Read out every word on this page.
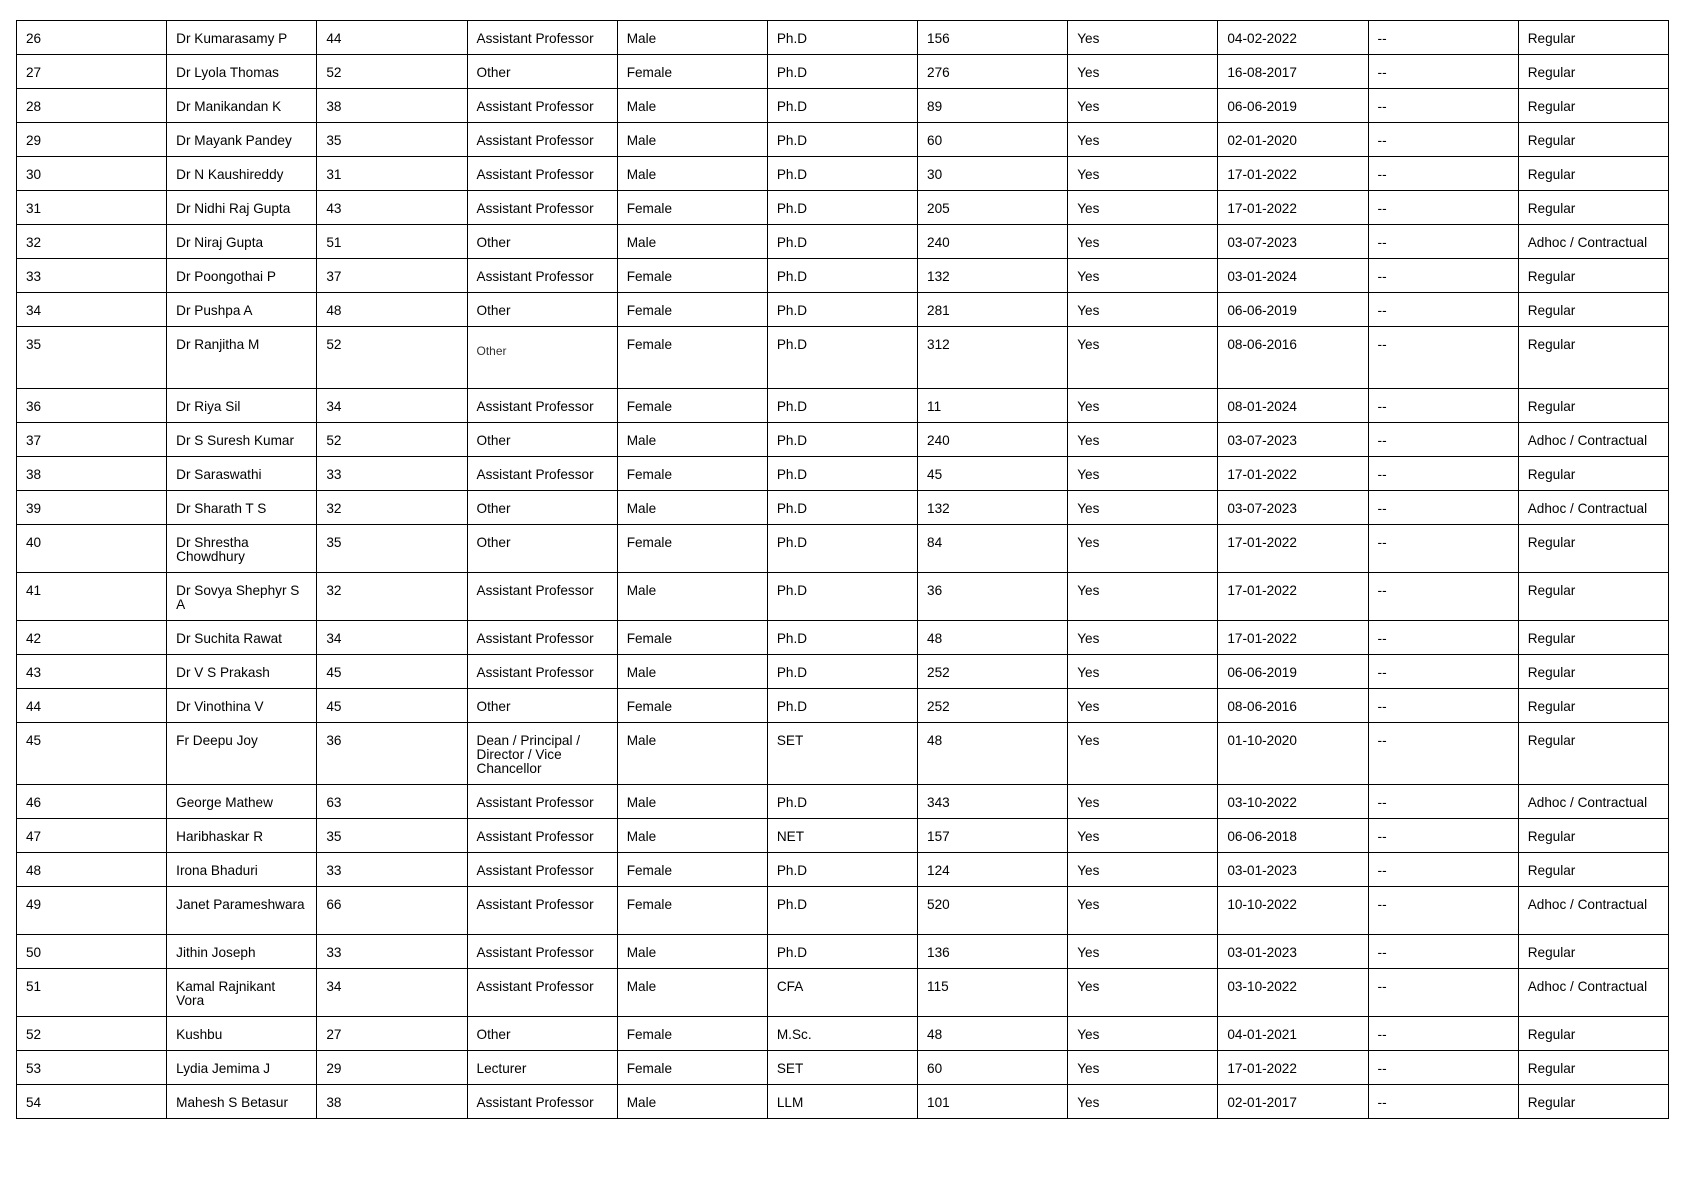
26	Dr Kumarasamy P	44	Assistant Professor	Male	Ph.D	156	Yes	04-02-2022	--	Regular
27	Dr Lyola Thomas	52	Other	Female	Ph.D	276	Yes	16-08-2017	--	Regular
28	Dr Manikandan K	38	Assistant Professor	Male	Ph.D	89	Yes	06-06-2019	--	Regular
29	Dr Mayank Pandey	35	Assistant Professor	Male	Ph.D	60	Yes	02-01-2020	--	Regular
30	Dr N Kaushireddy	31	Assistant Professor	Male	Ph.D	30	Yes	17-01-2022	--	Regular
31	Dr Nidhi Raj Gupta	43	Assistant Professor	Female	Ph.D	205	Yes	17-01-2022	--	Regular
32	Dr Niraj Gupta	51	Other	Male	Ph.D	240	Yes	03-07-2023	--	Adhoc / Contractual
33	Dr Poongothai P	37	Assistant Professor	Female	Ph.D	132	Yes	03-01-2024	--	Regular
34	Dr Pushpa A	48	Other	Female	Ph.D	281	Yes	06-06-2019	--	Regular
35	Dr Ranjitha M	52	Other	Female	Ph.D	312	Yes	08-06-2016	--	Regular
36	Dr Riya Sil	34	Assistant Professor	Female	Ph.D	11	Yes	08-01-2024	--	Regular
37	Dr S Suresh Kumar	52	Other	Male	Ph.D	240	Yes	03-07-2023	--	Adhoc / Contractual
38	Dr Saraswathi	33	Assistant Professor	Female	Ph.D	45	Yes	17-01-2022	--	Regular
39	Dr Sharath T S	32	Other	Male	Ph.D	132	Yes	03-07-2023	--	Adhoc / Contractual
40	Dr Shrestha Chowdhury	35	Other	Female	Ph.D	84	Yes	17-01-2022	--	Regular
41	Dr Sovya Shephyr S A	32	Assistant Professor	Male	Ph.D	36	Yes	17-01-2022	--	Regular
42	Dr Suchita Rawat	34	Assistant Professor	Female	Ph.D	48	Yes	17-01-2022	--	Regular
43	Dr V S Prakash	45	Assistant Professor	Male	Ph.D	252	Yes	06-06-2019	--	Regular
44	Dr Vinothina V	45	Other	Female	Ph.D	252	Yes	08-06-2016	--	Regular
45	Fr Deepu Joy	36	Dean / Principal / Director / Vice Chancellor	Male	SET	48	Yes	01-10-2020	--	Regular
46	George Mathew	63	Assistant Professor	Male	Ph.D	343	Yes	03-10-2022	--	Adhoc / Contractual
47	Haribhaskar R	35	Assistant Professor	Male	NET	157	Yes	06-06-2018	--	Regular
48	Irona Bhaduri	33	Assistant Professor	Female	Ph.D	124	Yes	03-01-2023	--	Regular
49	Janet Parameshwara	66	Assistant Professor	Female	Ph.D	520	Yes	10-10-2022	--	Adhoc / Contractual
50	Jithin Joseph	33	Assistant Professor	Male	Ph.D	136	Yes	03-01-2023	--	Regular
51	Kamal Rajnikant Vora	34	Assistant Professor	Male	CFA	115	Yes	03-10-2022	--	Adhoc / Contractual
52	Kushbu	27	Other	Female	M.Sc.	48	Yes	04-01-2021	--	Regular
53	Lydia Jemima J	29	Lecturer	Female	SET	60	Yes	17-01-2022	--	Regular
54	Mahesh S Betasur	38	Assistant Professor	Male	LLM	101	Yes	02-01-2017	--	Regular
